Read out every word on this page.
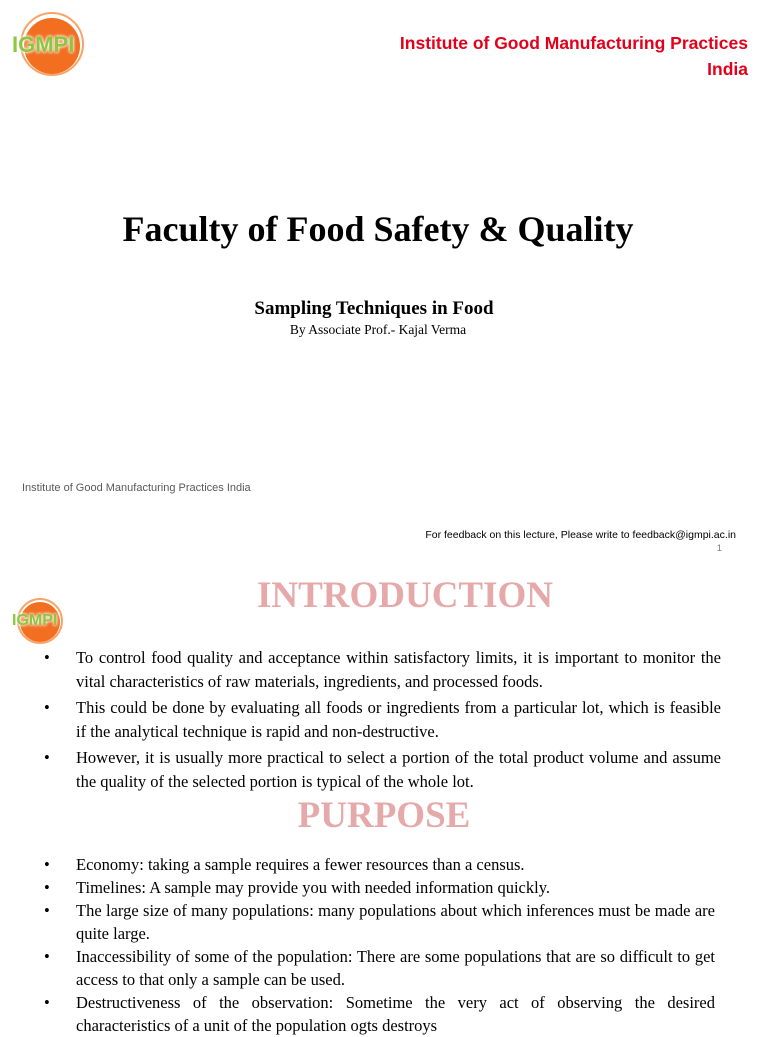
IGMPI	Institute of Good Manufacturing Practices
India
Faculty of Food Safety & Quality
Sampling Techniques in Food
By Associate Prof.- Kajal Verma
Institute of Good Manufacturing Practices India
For feedback on this lecture, Please write to feedback@igmpi.ac.in
1
IGMPI
INTRODUCTION
• To control food quality and acceptance within satisfactory limits, it is important to monitor the vital characteristics of raw materials, ingredients, and processed foods.
• This could be done by evaluating all foods or ingredients from a particular lot, which is feasible if the analytical technique is rapid and non-destructive.
• However, it is usually more practical to select a portion of the total product volume and assume the quality of the selected portion is typical of the whole lot.
PURPOSE
• Economy: taking a sample requires a fewer resources than a census.
• Timelines: A sample may provide you with needed information quickly.
• The large size of many populations: many populations about which inferences must be made are quite large.
• Inaccessibility of some of the population: There are some populations that are so difficult to get access to that only a sample can be used.
• Destructiveness of the observation: Sometime the very act of observing the desired characteristics of a unit of the population ogts destroys
